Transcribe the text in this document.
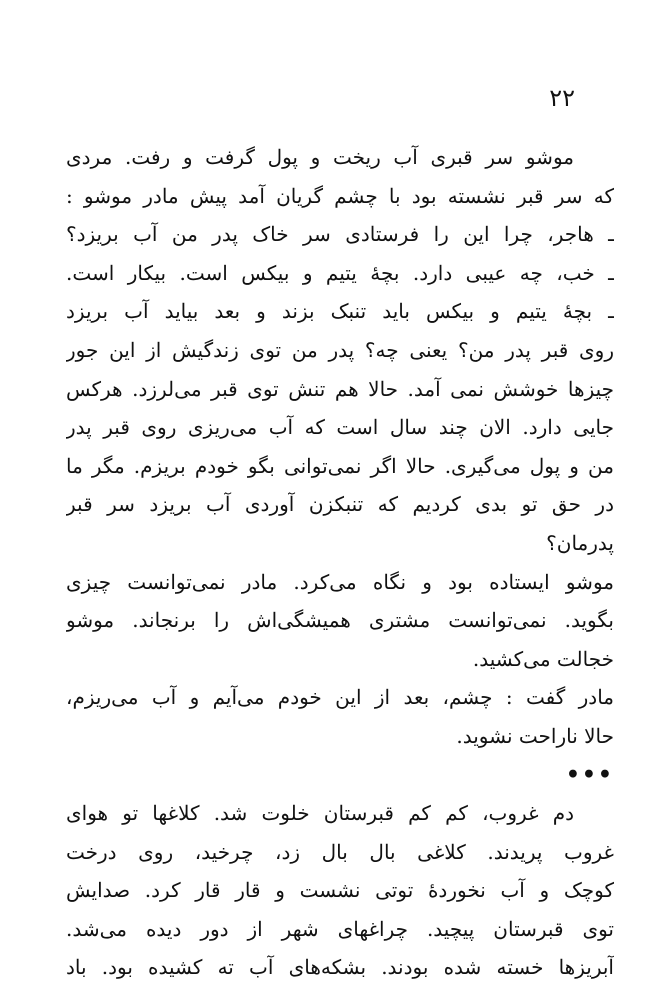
۲۲
موشو سر قبری آب ریخت و پول گرفت و رفت. مردی
که سر قبر نشسته بود با چشم گریان آمد پیش مادر موشو :
ـ هاجر، چرا این را فرستادی سر خاک پدر من آب بریزد؟
ـ خب، چه عیبی دارد. بچهٔ یتیم و بیکس است. بیکار است.
ـ بچهٔ یتیم و بیکس باید تنبک بزند و بعد بیاید آب بریزد
روی قبر پدر من؟ یعنی چه؟ پدر من توی زندگیش از این جور
چیزها خوشش نمی آمد. حالا هم تنش توی قبر می‌لرزد. هرکس
جایی دارد. الان چند سال است که آب می‌ریزی روی قبر پدر
من و پول می‌گیری. حالا اگر نمی‌توانی بگو خودم بریزم. مگر ما
در حق تو بدی کردیم که تنبکزن آوردی آب بریزد سر قبر
پدرمان؟
موشو ایستاده بود و نگاه می‌کرد. مادر نمی‌توانست چیزی
بگوید. نمی‌توانست مشتری همیشگی‌اش را برنجاند. موشو
خجالت می‌کشید.
مادر گفت : چشم، بعد از این خودم می‌آیم و آب می‌ریزم،
حالا ناراحت نشوید.
•••
دم غروب، کم کم قبرستان خلوت شد. کلاغها تو هوای
غروب پریدند. کلاغی بال بال زد، چرخید، روی درخت
کوچک و آب نخوردهٔ توتی نشست و قار قار کرد. صدایش
توی قبرستان پیچید. چراغهای شهر از دور دیده می‌شد.
آبریزها خسته شده بودند. بشکه‌های آب ته کشیده بود. باد
